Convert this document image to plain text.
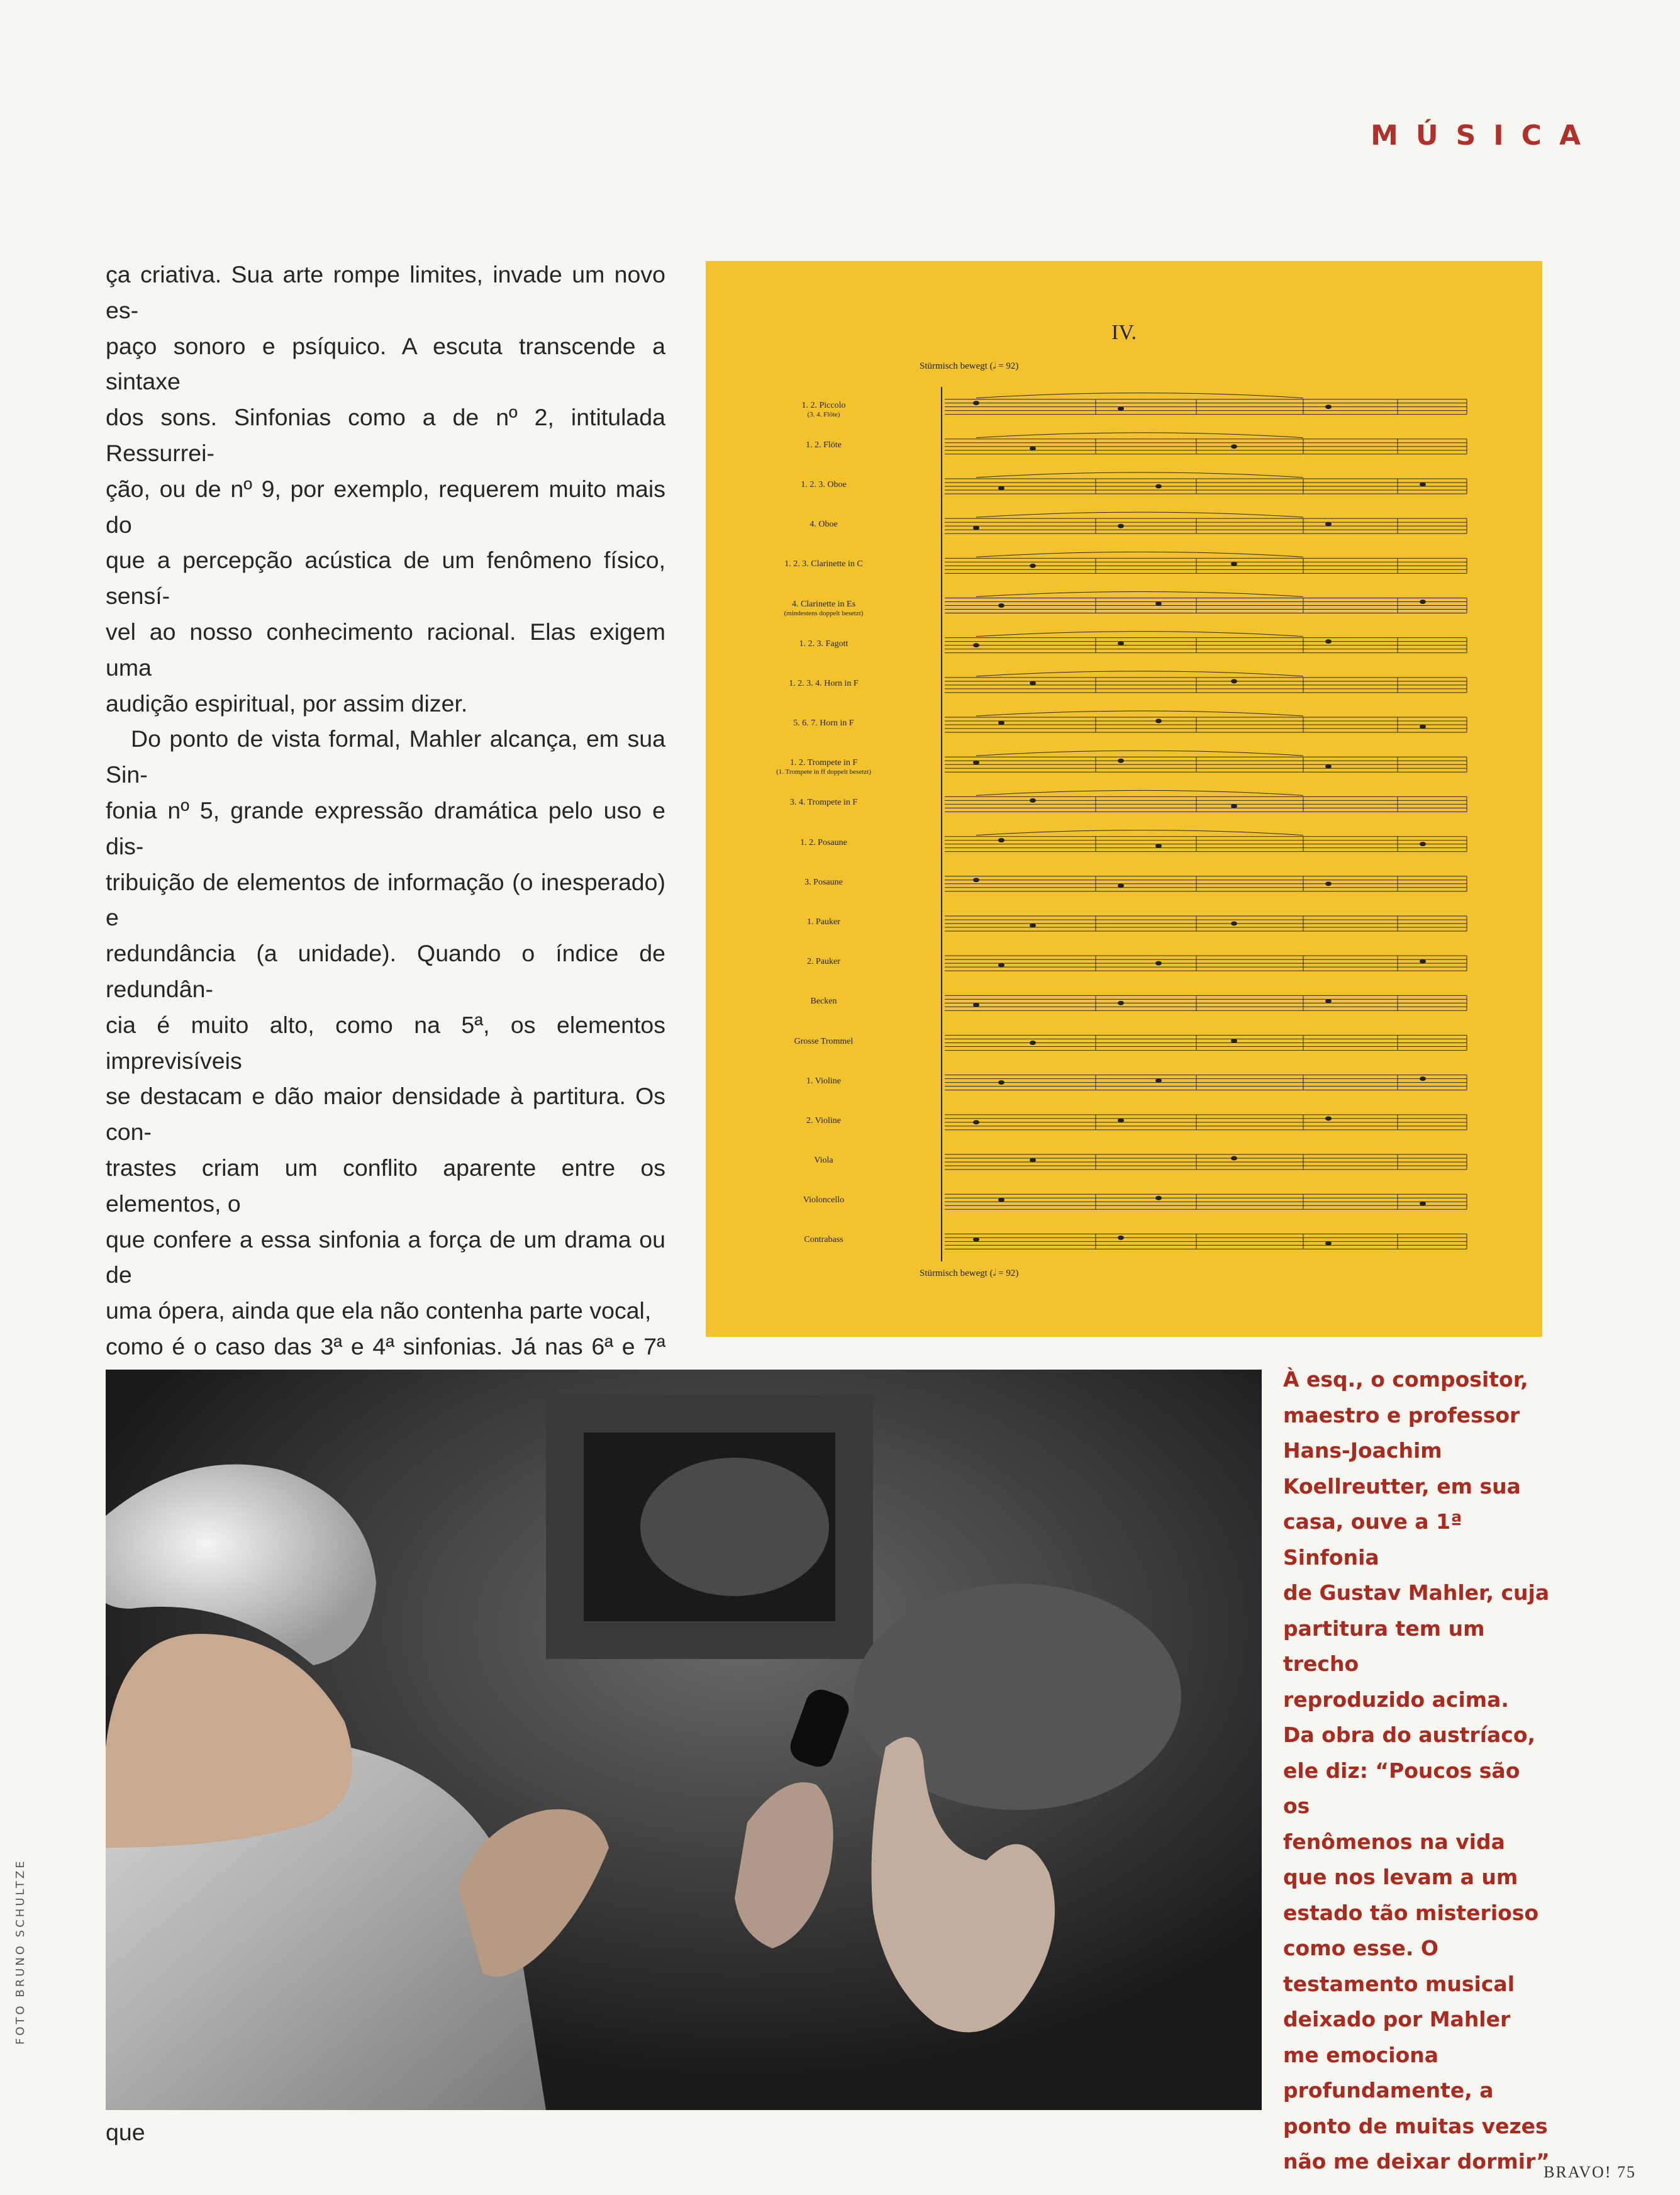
MÚSICA

ça criativa. Sua arte rompe limites, invade um novo es-
paço sonoro e psíquico. A escuta transcende a sintaxe
dos sons. Sinfonias como a de nº 2, intitulada Ressurrei-
ção, ou de nº 9, por exemplo, requerem muito mais do
que a percepção acústica de um fenômeno físico, sensí-
vel ao nosso conhecimento racional. Elas exigem uma
audição espiritual, por assim dizer.

Do ponto de vista formal, Mahler alcança, em sua Sin-
fonia nº 5, grande expressão dramática pelo uso e dis-
tribuição de elementos de informação (o inesperado) e
redundância (a unidade). Quando o índice de redundân-
cia é muito alto, como na 5ª, os elementos imprevisíveis
se destacam e dão maior densidade à partitura. Os con-
trastes criam um conflito aparente entre os elementos, o
que confere a essa sinfonia a força de um drama ou de
uma ópera, ainda que ela não contenha parte vocal,
como é o caso das 3ª e 4ª sinfonias. Já nas 6ª e 7ª

que

IV.
Stürmisch bewegt (𝅗𝅥 = 92)
Stürmisch bewegt (𝅗𝅥 = 92)
1. 2. Piccolo
(3. 4. Flöte)
1. 2. Flöte
1. 2. 3. Oboe
4. Oboe
1. 2. 3. Clarinette in C
4. Clarinette in Es
(mindestens doppelt besetzt)
1. 2. 3. Fagott
1. 2. 3. 4. Horn in F
5. 6. 7. Horn in F
1. 2. Trompete in F
(1. Trompete in ff doppelt besetzt)
3. 4. Trompete in F
1. 2. Posaune
3. Posaune
1. Pauker
2. Pauker
Becken
Grosse Trommel
1. Violine
2. Violine
Viola
Violoncello
Contrabass
À esq., o compositor,
maestro e professor
Hans-Joachim
Koellreutter, em sua
casa, ouve a 1ª Sinfonia
de Gustav Mahler, cuja
partitura tem um trecho
reproduzido acima.
Da obra do austríaco,
ele diz: “Poucos são os
fenômenos na vida
que nos levam a um
estado tão misterioso
como esse. O
testamento musical
deixado por Mahler
me emociona
profundamente, a
ponto de muitas vezes
não me deixar dormir”
FOTO BRUNO SCHULTZE
BRAVO! 75
